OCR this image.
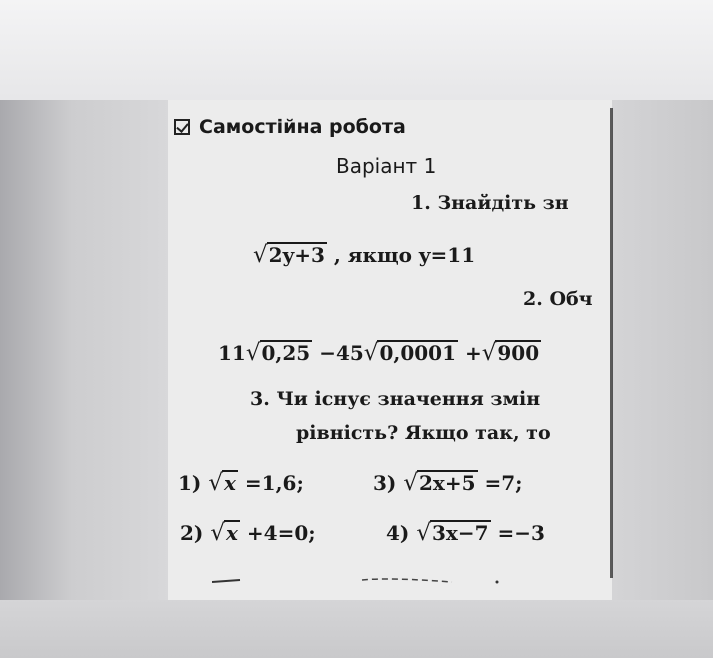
Самостійна робота
Варіант 1
1. Знайдіть зн
√ 2y+3 , якщо y=11
2. Обч
11 √ 0,25 −45 √ 0,0001 + √ 900
3. Чи існує значення змін
рівність? Якщо так, то
1) √ x =1,6;	3) √ 2x+5 =7;
2) √ x +4=0;	4) √ 3x−7 =−3
